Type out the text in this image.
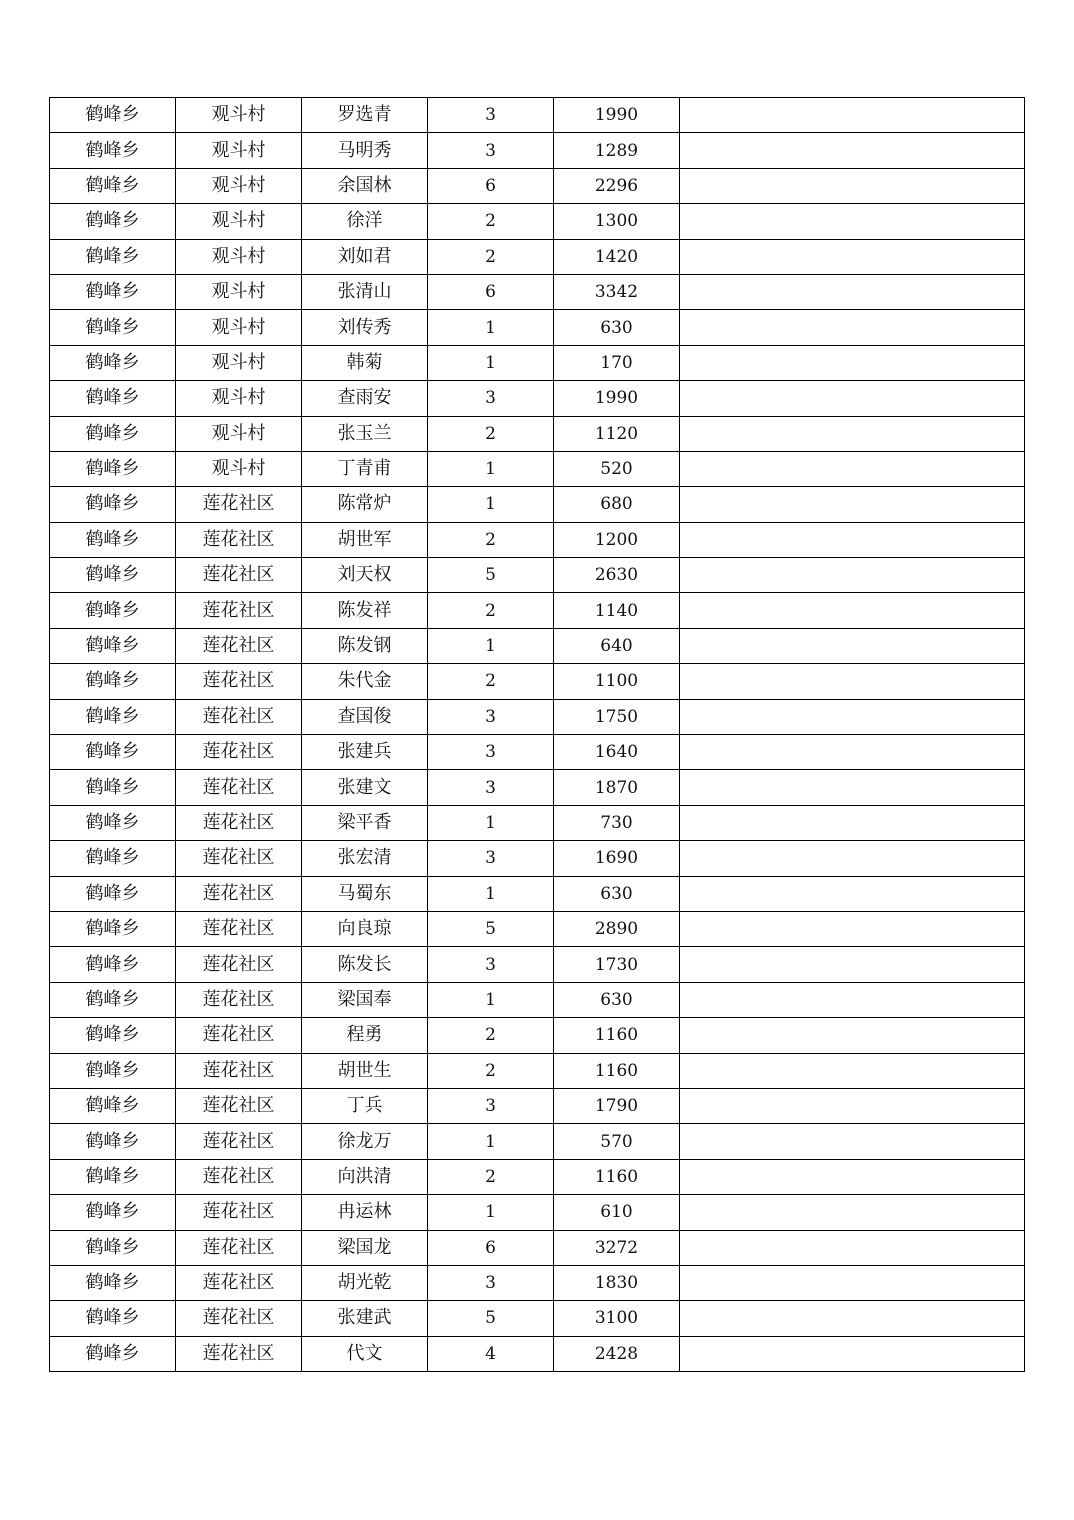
鹤峰乡	观斗村	罗选青	3	1990	
鹤峰乡	观斗村	马明秀	3	1289	
鹤峰乡	观斗村	余国林	6	2296	
鹤峰乡	观斗村	徐洋	2	1300	
鹤峰乡	观斗村	刘如君	2	1420	
鹤峰乡	观斗村	张清山	6	3342	
鹤峰乡	观斗村	刘传秀	1	630	
鹤峰乡	观斗村	韩菊	1	170	
鹤峰乡	观斗村	查雨安	3	1990	
鹤峰乡	观斗村	张玉兰	2	1120	
鹤峰乡	观斗村	丁青甫	1	520	
鹤峰乡	莲花社区	陈常炉	1	680	
鹤峰乡	莲花社区	胡世军	2	1200	
鹤峰乡	莲花社区	刘天权	5	2630	
鹤峰乡	莲花社区	陈发祥	2	1140	
鹤峰乡	莲花社区	陈发钢	1	640	
鹤峰乡	莲花社区	朱代金	2	1100	
鹤峰乡	莲花社区	查国俊	3	1750	
鹤峰乡	莲花社区	张建兵	3	1640	
鹤峰乡	莲花社区	张建文	3	1870	
鹤峰乡	莲花社区	梁平香	1	730	
鹤峰乡	莲花社区	张宏清	3	1690	
鹤峰乡	莲花社区	马蜀东	1	630	
鹤峰乡	莲花社区	向良琼	5	2890	
鹤峰乡	莲花社区	陈发长	3	1730	
鹤峰乡	莲花社区	梁国奉	1	630	
鹤峰乡	莲花社区	程勇	2	1160	
鹤峰乡	莲花社区	胡世生	2	1160	
鹤峰乡	莲花社区	丁兵	3	1790	
鹤峰乡	莲花社区	徐龙万	1	570	
鹤峰乡	莲花社区	向洪清	2	1160	
鹤峰乡	莲花社区	冉运林	1	610	
鹤峰乡	莲花社区	梁国龙	6	3272	
鹤峰乡	莲花社区	胡光乾	3	1830	
鹤峰乡	莲花社区	张建武	5	3100	
鹤峰乡	莲花社区	代文	4	2428	
